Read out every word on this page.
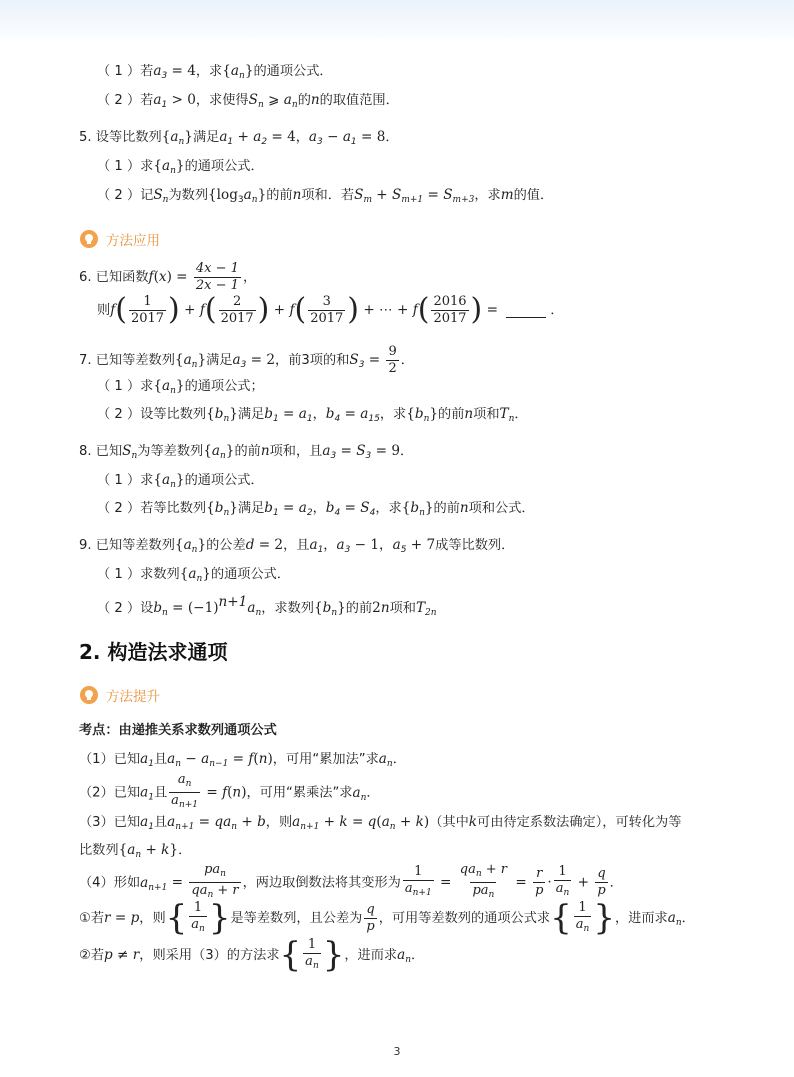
（ 1 ）若$a_3 = 4$，求$\{a_n\}$的通项公式．
（ 2 ）若$a_1 > 0$，求使得$S_n$ ⩾ $a_n$的n的取值范围．
5. 设等比数列$\{a_n\}$满足$a_1 + a_2 = 4$，$a_3 - a_1 = 8$．
（ 1 ）求$\{a_n\}$的通项公式．
（ 2 ）记$S_n$为数列$\{\log_3a_n\}$的前n项和．若$S_m + S_{m+1} = S_{m+3}$，求m的值．
方法应用
6. 已知函数$f(x) = \frac{4x - 1}{2x - 1}$ ，
则$f( \frac{1}{2017}$ ) + $f( \frac{2}{2017}$ ) + $f( \frac{3}{2017}$ ) + ⋯ + $f( \frac{2016}{2017}$ ) =	．
7. 已知等差数列$\{a_n\}$满足$a_3 = 2$，前3项的和$S_3 = \frac{9}{2}$ ．
（ 1 ）求$\{a_n\}$的通项公式；
（ 2 ）设等比数列$\{b_n\}$满足$b_1 = a_1$，$b_4 = a_{15}$，求$\{b_n\}$的前n项和$T_n$．
8. 已知$S_n$为等差数列$\{a_n\}$的前n项和，且$a_3 = S_3 = 9$．
（ 1 ）求$\{a_n\}$的通项公式．
（ 2 ）若等比数列$\{b_n\}$满足$b_1 = a_2$，$b_4 = S_4$，求$\{b_n\}$的前n项和公式．
9. 已知等差数列$\{a_n\}$的公差d = 2，且$a_1$，$a_3 - 1$，$a_5 + 7$成等比数列．
（ 1 ）求数列$\{a_n\}$的通项公式．
（ 2 ）设$b_n = (-1)^{n+1}a_n$，求数列$\{b_n\}$的前2n项和$T_{2n}$
2. 构造法求通项
方法提升
考点：由递推关系求数列通项公式
（1）已知$a_1$且$a_n - a_{n-1} = f(n)$，可用“累加法”求$a_n$．
（2）已知$a_1$且 $\frac{a_n}{a_{n+1}} = f(n)$，可用“累乘法”求$a_n$．
（3）已知$a_1$且$a_{n+1} = qa_n + b$，则$a_{n+1} + k = q(a_n + k)$（其中k可由待定系数法确定），可转化为等
比数列$\{a_n + k\}$．
（4）形如$a_{n+1} = \frac{pa_n}{qa_n + r}$ ，两边取倒数法将其变形为 $\frac{1}{a_{n+1}} = \frac{qa_n + r}{pa_n} = \frac{r}{p} \cdot \frac{1}{a_n} + \frac{q}{p}$ ．
①若r = p，则{ $\frac{1}{a_n}$ }是等差数列，且公差为 $\frac{q}{p}$ ，可用等差数列的通项公式求{ $\frac{1}{a_n}$ }，进而求$a_n$．
②若p ≠ r，则采用（3）的方法求{ $\frac{1}{a_n}$ }，进而求$a_n$．
3
